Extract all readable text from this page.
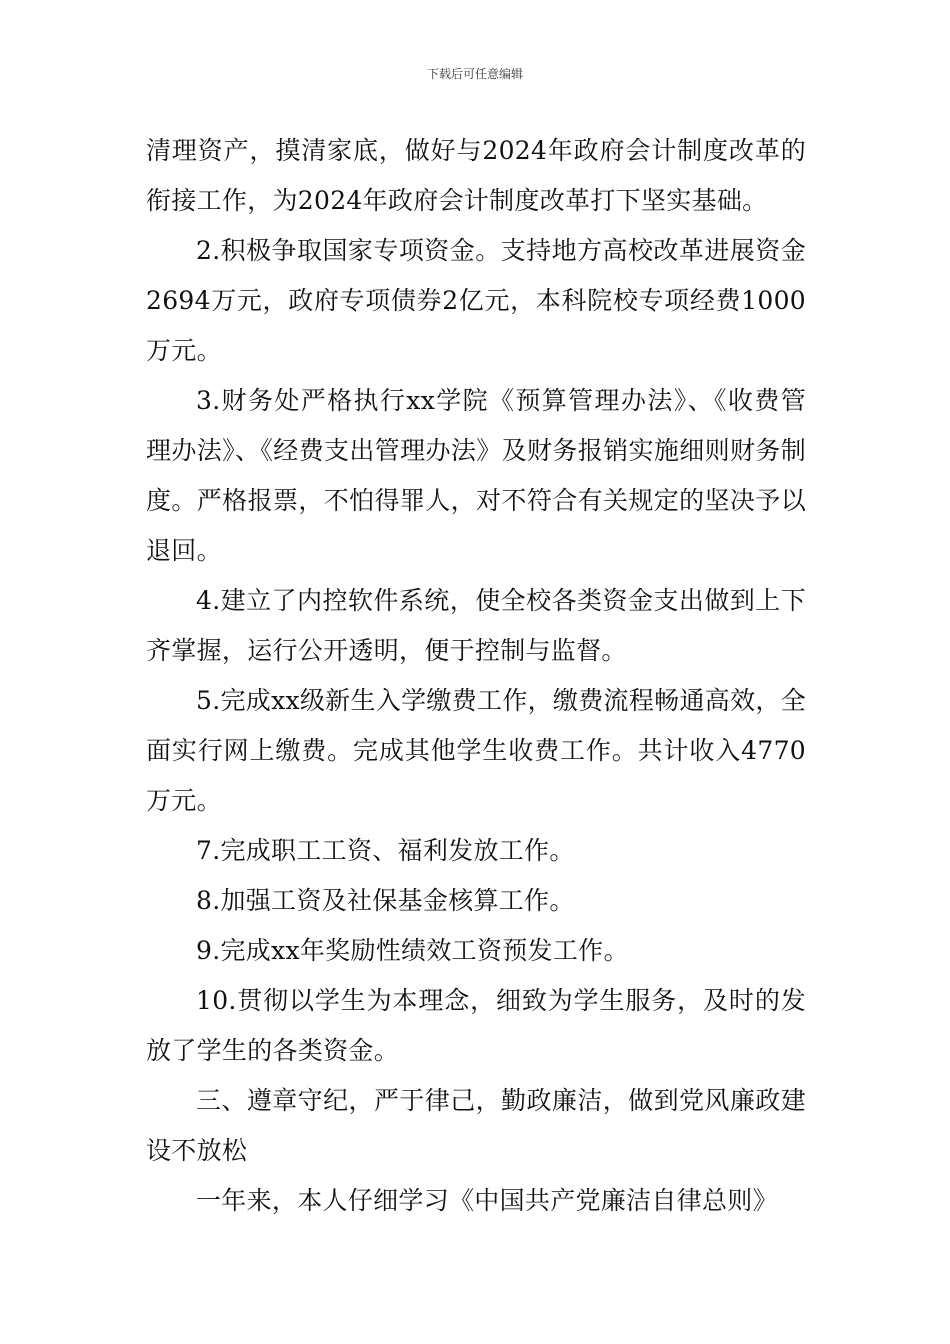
下载后可任意编辑

清理资产，摸清家底，做好与2024年政府会计制度改革的衔接工作，为2024年政府会计制度改革打下坚实基础。

2.积极争取国家专项资金。支持地方高校改革进展资金2694万元，政府专项债券2亿元，本科院校专项经费1000万元。

3.财务处严格执行xx学院《预算管理办法》、《收费管理办法》、《经费支出管理办法》及财务报销实施细则财务制度。严格报票，不怕得罪人，对不符合有关规定的坚决予以退回。

4.建立了内控软件系统，使全校各类资金支出做到上下齐掌握，运行公开透明，便于控制与监督。

5.完成xx级新生入学缴费工作，缴费流程畅通高效，全面实行网上缴费。完成其他学生收费工作。共计收入4770万元。

7.完成职工工资、福利发放工作。

8.加强工资及社保基金核算工作。

9.完成xx年奖励性绩效工资预发工作。

10.贯彻以学生为本理念，细致为学生服务，及时的发放了学生的各类资金。

三、遵章守纪，严于律己，勤政廉洁，做到党风廉政建设不放松

一年来，本人仔细学习《中国共产党廉洁自律总则》
